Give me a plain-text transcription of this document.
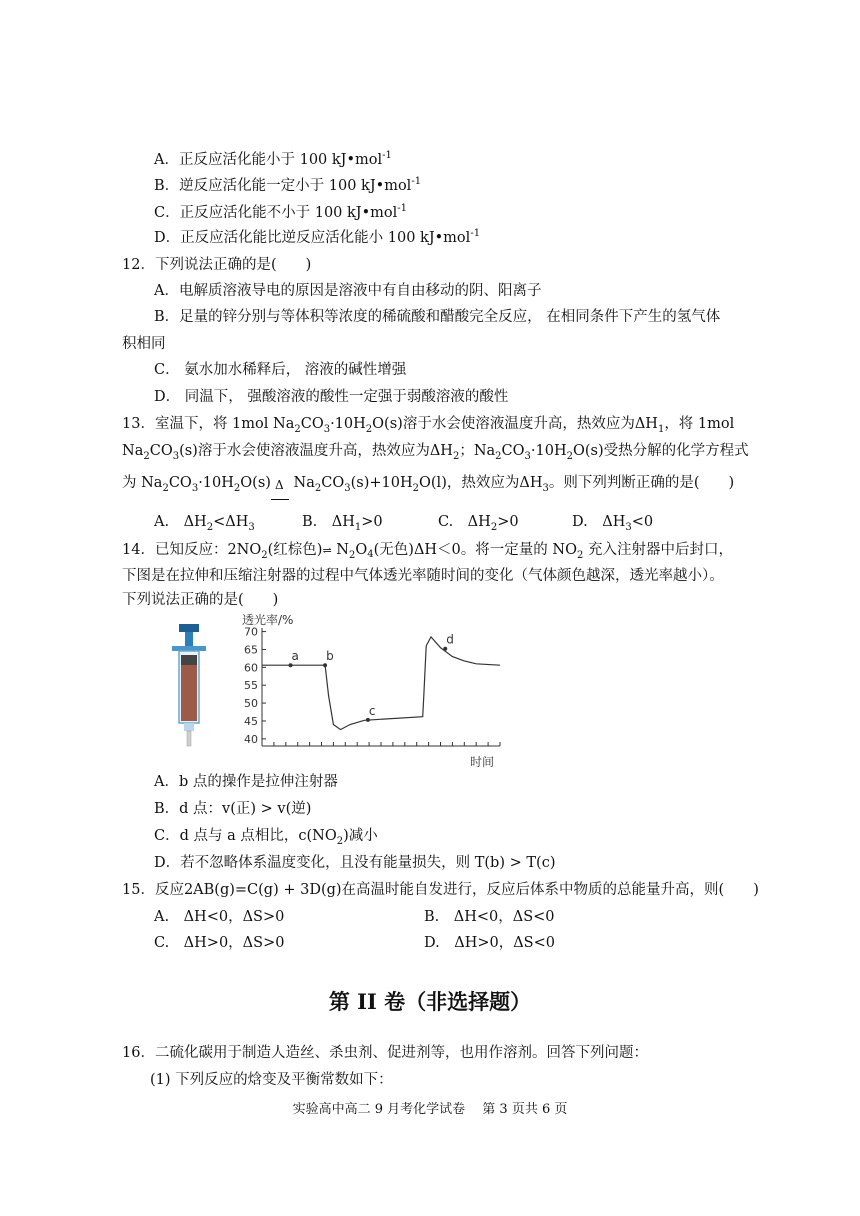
A．正反应活化能小于 100 kJ•mol$^{-1}$
B．逆反应活化能一定小于 100 kJ•mol$^{-1}$
C．正反应活化能不小于 100 kJ•mol$^{-1}$
D．正反应活化能比逆反应活化能小 100 kJ•mol$^{-1}$
12．下列说法正确的是(　　)
A．电解质溶液导电的原因是溶液中有自由移动的阴、阳离子
B．足量的锌分别与等体积等浓度的稀硫酸和醋酸完全反应， 在相同条件下产生的氢气体
积相同
C． 氨水加水稀释后， 溶液的碱性增强
D． 同温下， 强酸溶液的酸性一定强于弱酸溶液的酸性
13．室温下，将 1mol $Na_2CO_3\cdot 10H_2O(s)$溶于水会使溶液温度升高，热效应为$\Delta H_1$，将 1mol
$Na_2CO_3(s)$溶于水会使溶液温度升高，热效应为$\Delta H_2$；$Na_2CO_3\cdot 10H_2O(s)$受热分解的化学方程式
为 $Na_2CO_3\cdot 10H_2O(s)$ Δ $Na_2CO_3(s)+10H_2O(l)$，热效应为$\Delta H_3$。则下列判断正确的是(　　)
A.　$\Delta H_2<\Delta H_3$	B.　$\Delta H_1>0$	C.　$\Delta H_2>0$	D.　$\Delta H_3<0$
14．已知反应：$2NO_2$(红棕色)⇌ $N_2O_4$(无色)ΔH＜0。将一定量的 $NO_2$ 充入注射器中后封口，
下图是在拉伸和压缩注射器的过程中气体透光率随时间的变化（气体颜色越深，透光率越小）。
下列说法正确的是(　　)
40
45
50
55
60
65
70
a b
c
d
透光率/%
时间
A．b 点的操作是拉伸注射器
B．d 点：v(正) > v(逆)
C．d 点与 a 点相比，$c(NO_2)$减小
D．若不忽略体系温度变化，且没有能量损失，则 T(b) > T(c)
15．反应2AB(g)=C(g) + 3D(g)在高温时能自发进行，反应后体系中物质的总能量升高，则(　　)
A.　ΔH<0，ΔS>0	B.　ΔH<0，ΔS<0
C.　ΔH>0，ΔS>0	D.　ΔH>0，ΔS<0
第 II 卷（非选择题）
16．二硫化碳用于制造人造丝、杀虫剂、促进剂等，也用作溶剂。回答下列问题：
(1) 下列反应的焓变及平衡常数如下：
实验高中高二 9 月考化学试卷　 第 3 页共 6 页
